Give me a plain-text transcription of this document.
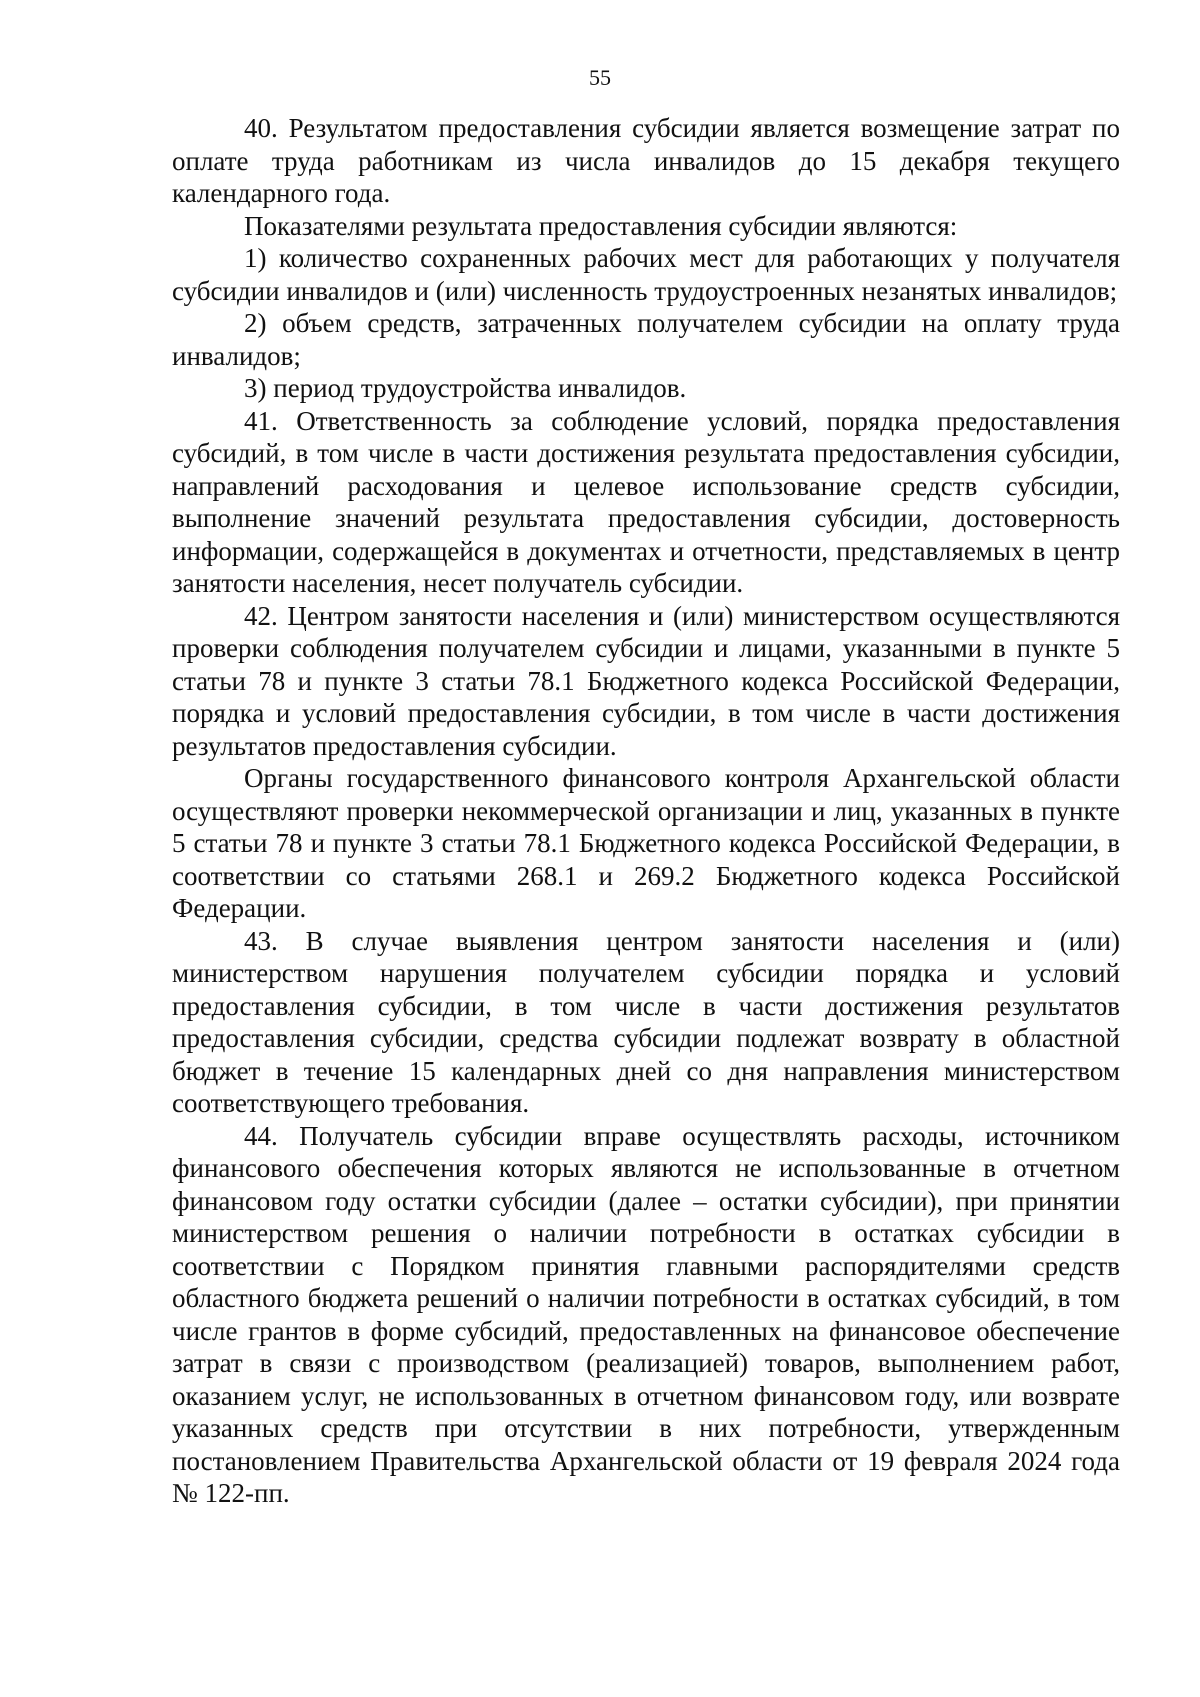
55

40. Результатом предоставления субсидии является возмещение затрат по оплате труда работникам из числа инвалидов до 15 декабря текущего календарного года.

Показателями результата предоставления субсидии являются:

1) количество сохраненных рабочих мест для работающих у получателя субсидии инвалидов и (или) численность трудоустроенных незанятых инвалидов;

2) объем средств, затраченных получателем субсидии на оплату труда инвалидов;

3) период трудоустройства инвалидов.

41. Ответственность за соблюдение условий, порядка предоставления субсидий, в том числе в части достижения результата предоставления субсидии, направлений расходования и целевое использование средств субсидии, выполнение значений результата предоставления субсидии, достоверность информации, содержащейся в документах и отчетности, представляемых в центр занятости населения, несет получатель субсидии.

42. Центром занятости населения и (или) министерством осуществляются проверки соблюдения получателем субсидии и лицами, указанными в пункте 5 статьи 78 и пункте 3 статьи 78.1 Бюджетного кодекса Российской Федерации, порядка и условий предоставления субсидии, в том числе в части достижения результатов предоставления субсидии.

Органы государственного финансового контроля Архангельской области осуществляют проверки некоммерческой организации и лиц, указанных в пункте 5 статьи 78 и пункте 3 статьи 78.1 Бюджетного кодекса Российской Федерации, в соответствии со статьями 268.1 и 269.2 Бюджетного кодекса Российской Федерации.

43. В случае выявления центром занятости населения и (или) министерством нарушения получателем субсидии порядка и условий предоставления субсидии, в том числе в части достижения результатов предоставления субсидии, средства субсидии подлежат возврату в областной бюджет в течение 15 календарных дней со дня направления министерством соответствующего требования.

44. Получатель субсидии вправе осуществлять расходы, источником финансового обеспечения которых являются не использованные в отчетном финансовом году остатки субсидии (далее – остатки субсидии), при принятии министерством решения о наличии потребности в остатках субсидии в соответствии с Порядком принятия главными распорядителями средств областного бюджета решений о наличии потребности в остатках субсидий, в том числе грантов в форме субсидий, предоставленных на финансовое обеспечение затрат в связи с производством (реализацией) товаров, выполнением работ, оказанием услуг, не использованных в отчетном финансовом году, или возврате указанных средств при отсутствии в них потребности, утвержденным постановлением Правительства Архангельской области от 19 февраля 2024 года № 122-пп.
